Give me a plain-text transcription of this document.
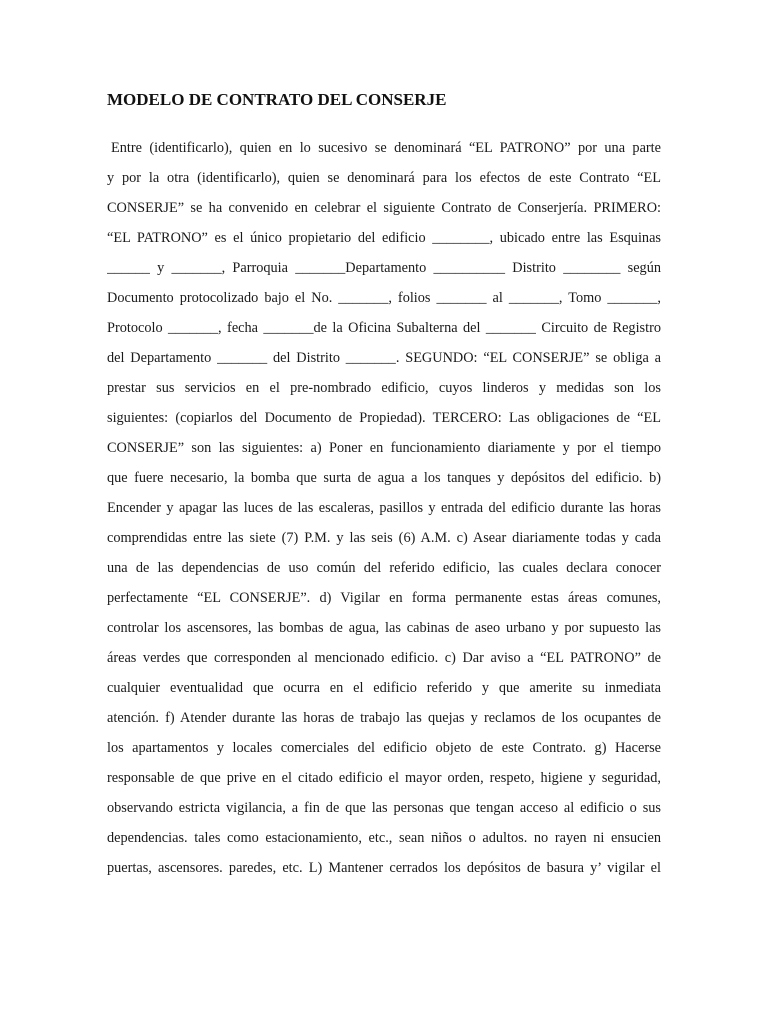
MODELO DE CONTRATO DEL CONSERJE
Entre (identificarlo), quien en lo sucesivo se denominará “EL PATRONO” por una parte
y por la otra (identificarlo), quien se denominará para los efectos de este Contrato “EL
CONSERJE” se ha convenido en celebrar el siguiente Contrato de Conserjería. PRIMERO:
“EL PATRONO” es el único propietario del edificio ________, ubicado entre las Esquinas
______ y _______, Parroquia _______Departamento __________ Distrito ________ según
Documento protocolizado bajo el No. _______, folios _______ al _______, Tomo _______,
Protocolo _______, fecha _______de la Oficina Subalterna del _______ Circuito de Registro
del Departamento _______ del Distrito _______. SEGUNDO: “EL CONSERJE” se obliga a
prestar sus servicios en el pre-nombrado edificio, cuyos linderos y medidas son los
siguientes: (copiarlos del Documento de Propiedad). TERCERO: Las obligaciones de “EL
CONSERJE” son las siguientes: a) Poner en funcionamiento diariamente y por el tiempo
que fuere necesario, la bomba que surta de agua a los tanques y depósitos del edificio. b)
Encender y apagar las luces de las escaleras, pasillos y entrada del edificio durante las horas
comprendidas entre las siete (7) P.M. y las seis (6) A.M. c) Asear diariamente todas y cada
una de las dependencias de uso común del referido edificio, las cuales declara conocer
perfectamente “EL CONSERJE”. d) Vigilar en forma permanente estas áreas comunes,
controlar los ascensores, las bombas de agua, las cabinas de aseo urbano y por supuesto las
áreas verdes que corresponden al mencionado edificio. c) Dar aviso a “EL PATRONO” de
cualquier eventualidad que ocurra en el edificio referido y que amerite su inmediata
atención. f) Atender durante las horas de trabajo las quejas y reclamos de los ocupantes de
los apartamentos y locales comerciales del edificio objeto de este Contrato. g) Hacerse
responsable de que prive en el citado edificio el mayor orden, respeto, higiene y seguridad,
observando estricta vigilancia, a fin de que las personas que tengan acceso al edificio o sus
dependencias. tales como estacionamiento, etc., sean niños o adultos. no rayen ni ensucien
puertas, ascensores. paredes, etc. L) Mantener cerrados los depósitos de basura y’ vigilar el
